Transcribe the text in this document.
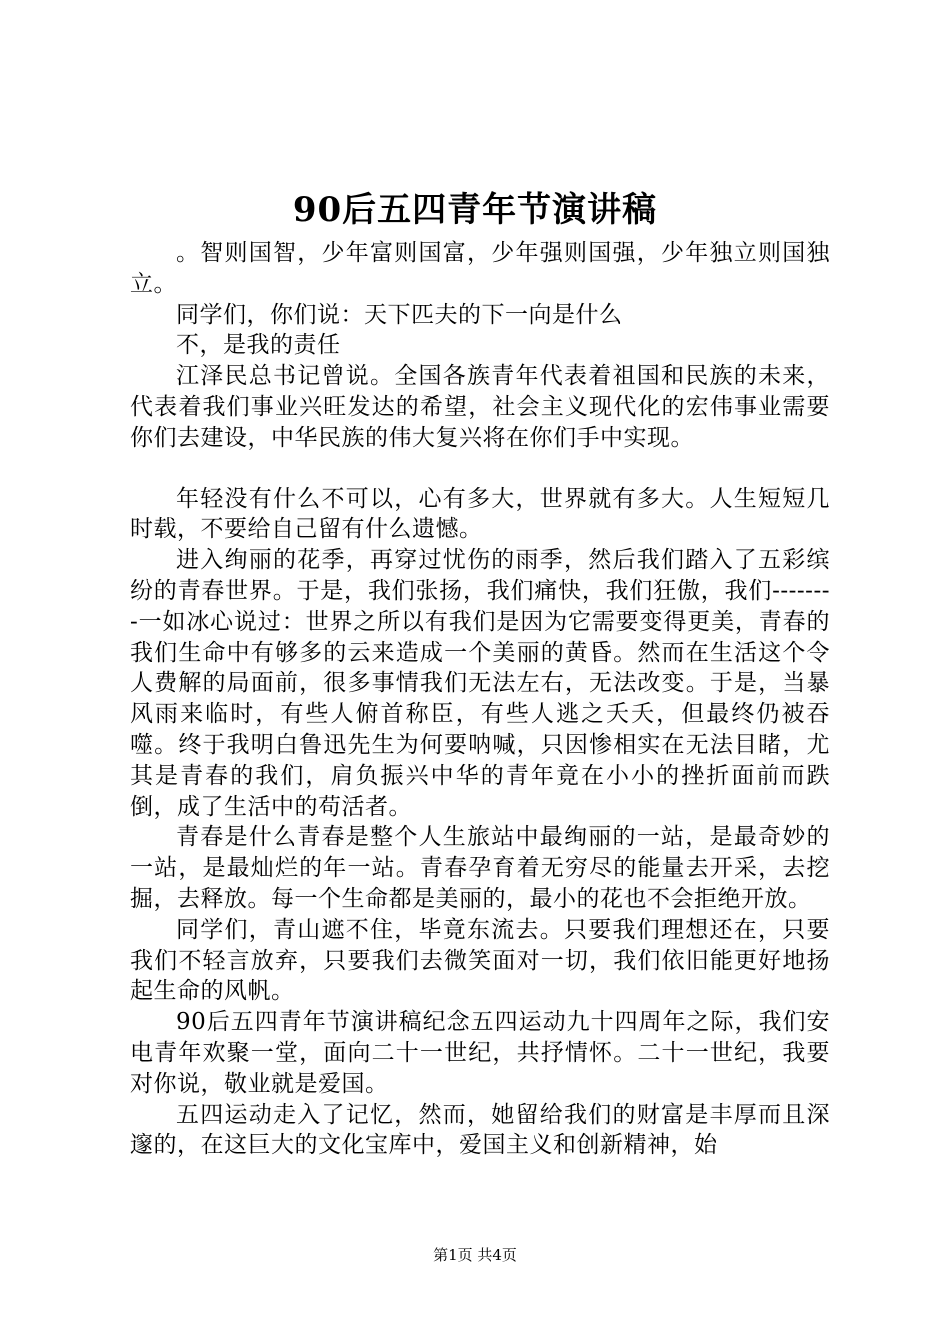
90后五四青年节演讲稿

。智则国智，少年富则国富，少年强则国强，少年独立则国独立。

同学们，你们说：天下匹夫的下一向是什么

不，是我的责任

江泽民总书记曾说。全国各族青年代表着祖国和民族的未来，代表着我们事业兴旺发达的希望，社会主义现代化的宏伟事业需要你们去建设，中华民族的伟大复兴将在你们手中实现。

年轻没有什么不可以，心有多大，世界就有多大。人生短短几时载，不要给自己留有什么遗憾。

进入绚丽的花季，再穿过忧伤的雨季，然后我们踏入了五彩缤纷的青春世界。于是，我们张扬，我们痛快，我们狂傲，我们--------一如冰心说过：世界之所以有我们是因为它需要变得更美，青春的我们生命中有够多的云来造成一个美丽的黄昏。然而在生活这个令人费解的局面前，很多事情我们无法左右，无法改变。于是，当暴风雨来临时，有些人俯首称臣，有些人逃之夭夭，但最终仍被吞噬。终于我明白鲁迅先生为何要呐喊，只因惨相实在无法目睹，尤其是青春的我们，肩负振兴中华的青年竟在小小的挫折面前而跌倒，成了生活中的苟活者。

青春是什么青春是整个人生旅站中最绚丽的一站，是最奇妙的一站，是最灿烂的年一站。青春孕育着无穷尽的能量去开采，去挖掘，去释放。每一个生命都是美丽的，最小的花也不会拒绝开放。

同学们，青山遮不住，毕竟东流去。只要我们理想还在，只要我们不轻言放弃，只要我们去微笑面对一切，我们依旧能更好地扬起生命的风帆。

90后五四青年节演讲稿纪念五四运动九十四周年之际，我们安电青年欢聚一堂，面向二十一世纪，共抒情怀。二十一世纪，我要对你说，敬业就是爱国。

五四运动走入了记忆，然而，她留给我们的财富是丰厚而且深邃的，在这巨大的文化宝库中，爱国主义和创新精神，始

第1页 共4页
